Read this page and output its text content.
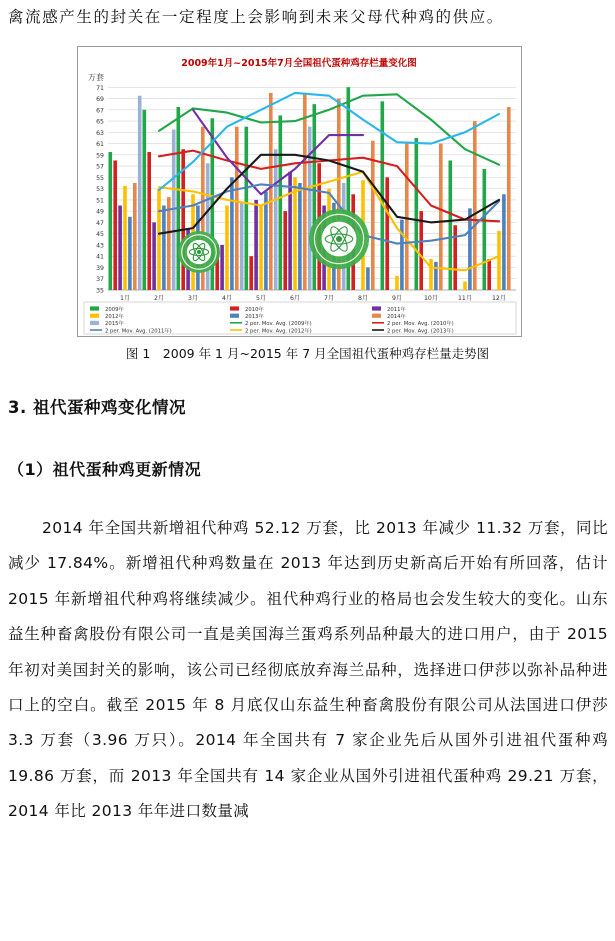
禽流感产生的封关在一定程度上会影响到未来父母代种鸡的供应。

2009年1月~2015年7月全国祖代蛋种鸡存栏量变化图
万套
35
37
39
41
43
45
47
49
51
53
55
57
59
61
63
65
67
69
71
1月	2月	3月	4月	5月	6月	7月	8月	9月	10月	11月	12月
2009年	2010年	2011年
2012年	2013年	2014年
2015年	2 per. Mov. Avg. (2009年)	2 per. Mov. Avg. (2010年)
2 per. Mov. Avg. (2011年)	2 per. Mov. Avg. (2012年)	2 per. Mov. Avg. (2013年)

图 1　2009 年 1 月~2015 年 7 月全国祖代蛋种鸡存栏量走势图

3. 祖代蛋种鸡变化情况
（1）祖代蛋种鸡更新情况

2014 年全国共新增祖代种鸡 52.12 万套，比 2013 年减少 11.32 万套，同比减少 17.84%。新增祖代种鸡数量在 2013 年达到历史新高后开始有所回落，估计 2015 年新增祖代种鸡将继续减少。祖代种鸡行业的格局也会发生较大的变化。山东益生种畜禽股份有限公司一直是美国海兰蛋鸡系列品种最大的进口用户，由于 2015 年初对美国封关的影响，该公司已经彻底放弃海兰品种，选择进口伊莎以弥补品种进口上的空白。截至 2015 年 8 月底仅山东益生种畜禽股份有限公司从法国进口伊莎 3.3 万套（3.96 万只）。2014 年全国共有 7 家企业先后从国外引进祖代蛋种鸡 19.86 万套，而 2013 年全国共有 14 家企业从国外引进祖代蛋种鸡 29.21 万套，2014 年比 2013 年年进口数量减
